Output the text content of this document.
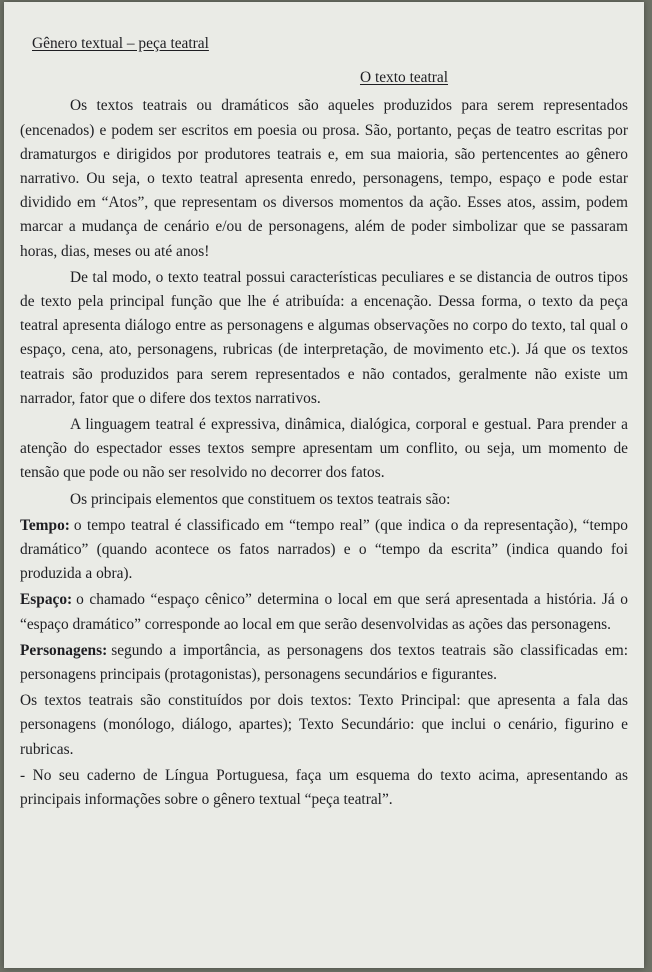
Gênero textual – peça teatral
O texto teatral

Os textos teatrais ou dramáticos são aqueles produzidos para serem representados (encenados) e podem ser escritos em poesia ou prosa. São, portanto, peças de teatro escritas por dramaturgos e dirigidos por produtores teatrais e, em sua maioria, são pertencentes ao gênero narrativo. Ou seja, o texto teatral apresenta enredo, personagens, tempo, espaço e pode estar dividido em “Atos”, que representam os diversos momentos da ação. Esses atos, assim, podem marcar a mudança de cenário e/ou de personagens, além de poder simbolizar que se passaram horas, dias, meses ou até anos!

De tal modo, o texto teatral possui características peculiares e se distancia de outros tipos de texto pela principal função que lhe é atribuída: a encenação. Dessa forma, o texto da peça teatral apresenta diálogo entre as personagens e algumas observações no corpo do texto, tal qual o espaço, cena, ato, personagens, rubricas (de interpretação, de movimento etc.). Já que os textos teatrais são produzidos para serem representados e não contados, geralmente não existe um narrador, fator que o difere dos textos narrativos.

A linguagem teatral é expressiva, dinâmica, dialógica, corporal e gestual. Para prender a atenção do espectador esses textos sempre apresentam um conflito, ou seja, um momento de tensão que pode ou não ser resolvido no decorrer dos fatos.

Os principais elementos que constituem os textos teatrais são:

Tempo: o tempo teatral é classificado em “tempo real” (que indica o da representação), “tempo dramático” (quando acontece os fatos narrados) e o “tempo da escrita” (indica quando foi produzida a obra).

Espaço: o chamado “espaço cênico” determina o local em que será apresentada a história. Já o “espaço dramático” corresponde ao local em que serão desenvolvidas as ações das personagens.

Personagens: segundo a importância, as personagens dos textos teatrais são classificadas em: personagens principais (protagonistas), personagens secundários e figurantes.

Os textos teatrais são constituídos por dois textos: Texto Principal: que apresenta a fala das personagens (monólogo, diálogo, apartes); Texto Secundário: que inclui o cenário, figurino e rubricas.

- No seu caderno de Língua Portuguesa, faça um esquema do texto acima, apresentando as principais informações sobre o gênero textual “peça teatral”.
